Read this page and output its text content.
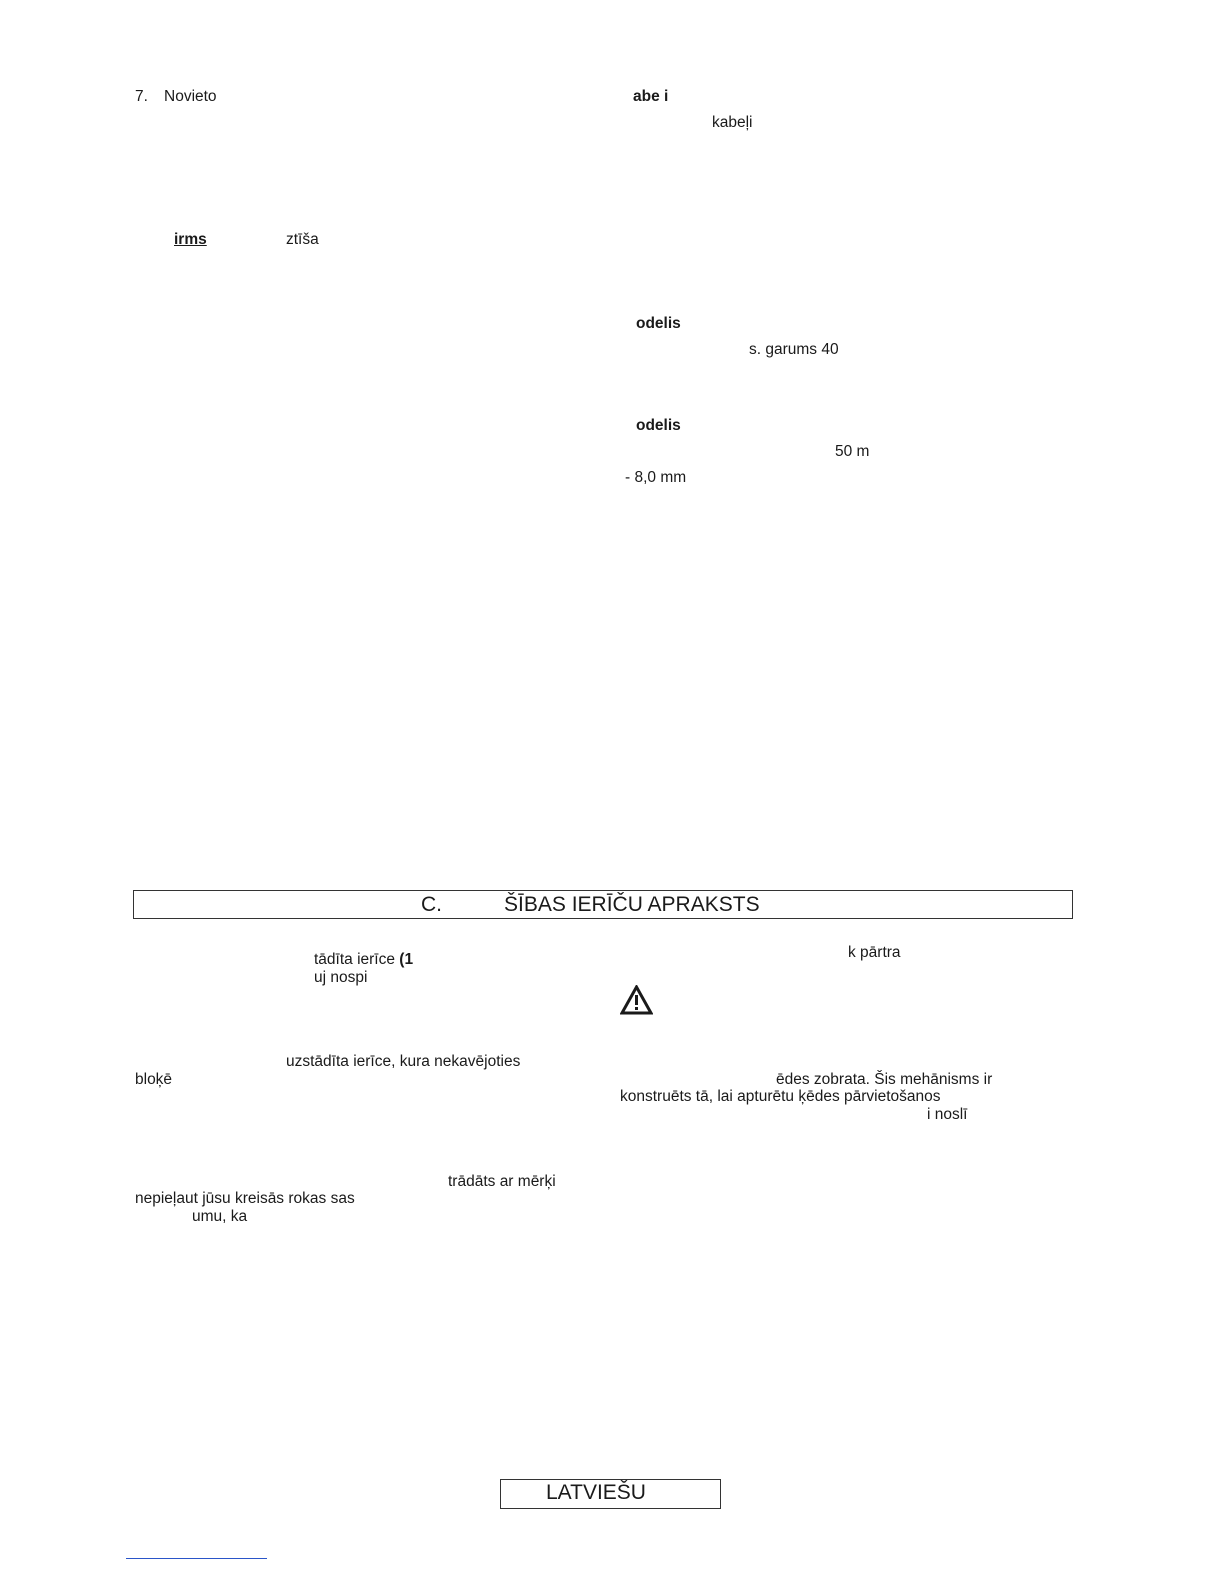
7. Novieto
irms	ztīša
abe i
kabeļi
odelis
s. garums 40
odelis
50 m
- 8,0 mm
C.	ŠĪBAS IERĪČU APRAKSTS
tādīta ierīce (1
uj nospi
uzstādīta ierīce, kura nekavējoties
bloķē
trādāts ar mērķi
nepieļaut jūsu kreisās rokas sas
umu, ka
k pārtra
ēdes zobrata. Šis mehānisms ir
konstruēts tā, lai apturētu ķēdes pārvietošanos
i noslī
LATVIEŠU
